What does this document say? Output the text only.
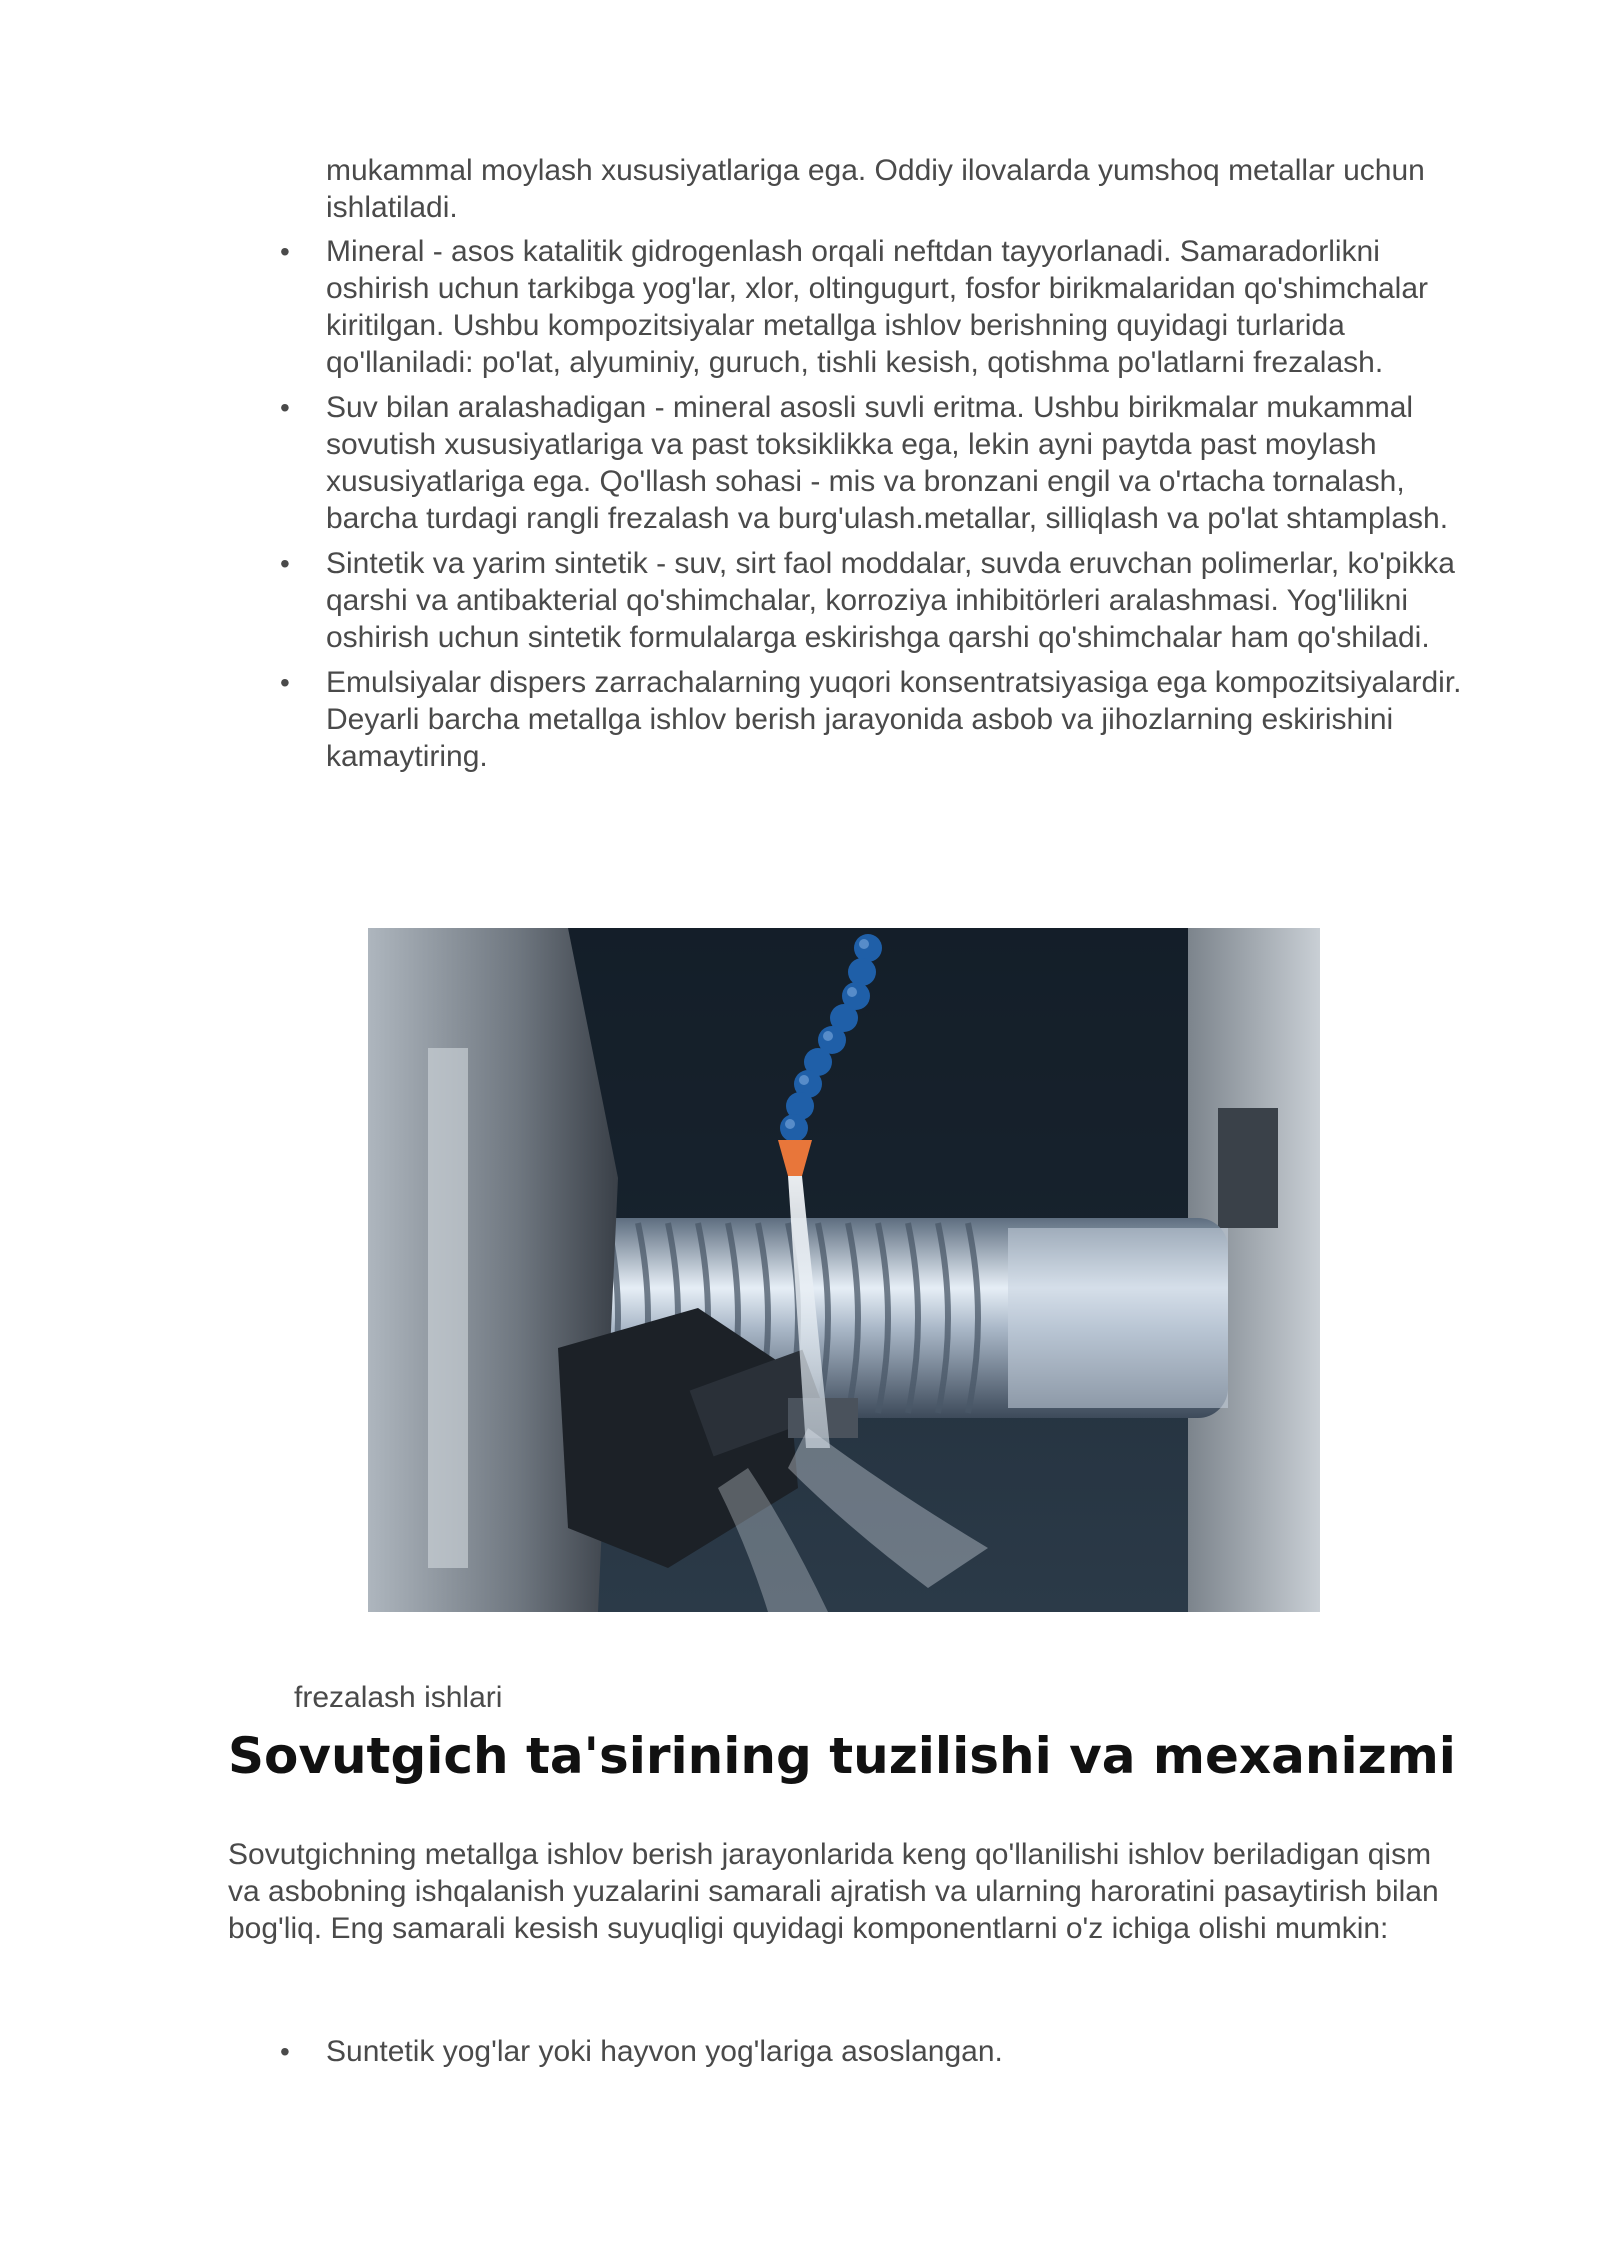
mukammal moylash xususiyatlariga ega. Oddiy ilovalarda yumshoq metallar uchun ishlatiladi.

• Mineral - asos katalitik gidrogenlash orqali neftdan tayyorlanadi. Samaradorlikni oshirish uchun tarkibga yog'lar, xlor, oltingugurt, fosfor birikmalaridan qo'shimchalar kiritilgan. Ushbu kompozitsiyalar metallga ishlov berishning quyidagi turlarida qo'llaniladi: po'lat, alyuminiy, guruch, tishli kesish, qotishma po'latlarni frezalash.
• Suv bilan aralashadigan - mineral asosli suvli eritma. Ushbu birikmalar mukammal sovutish xususiyatlariga va past toksiklikka ega, lekin ayni paytda past moylash xususiyatlariga ega. Qo'llash sohasi - mis va bronzani engil va o'rtacha tornalash, barcha turdagi rangli frezalash va burg'ulash.metallar, silliqlash va po'lat shtamplash.
• Sintetik va yarim sintetik - suv, sirt faol moddalar, suvda eruvchan polimerlar, ko'pikka qarshi va antibakterial qo'shimchalar, korroziya inhibitörleri aralashmasi. Yog'lilikni oshirish uchun sintetik formulalarga eskirishga qarshi qo'shimchalar ham qo'shiladi.
• Emulsiyalar dispers zarrachalarning yuqori konsentratsiyasiga ega kompozitsiyalardir. Deyarli barcha metallga ishlov berish jarayonida asbob va jihozlarning eskirishini kamaytiring.

frezalash ishlari

Sovutgich ta'sirining tuzilishi va mexanizmi

Sovutgichning metallga ishlov berish jarayonlarida keng qo'llanilishi ishlov beriladigan qism va asbobning ishqalanish yuzalarini samarali ajratish va ularning haroratini pasaytirish bilan bog'liq. Eng samarali kesish suyuqligi quyidagi komponentlarni o'z ichiga olishi mumkin:

• Suntetik yog'lar yoki hayvon yog'lariga asoslangan.
